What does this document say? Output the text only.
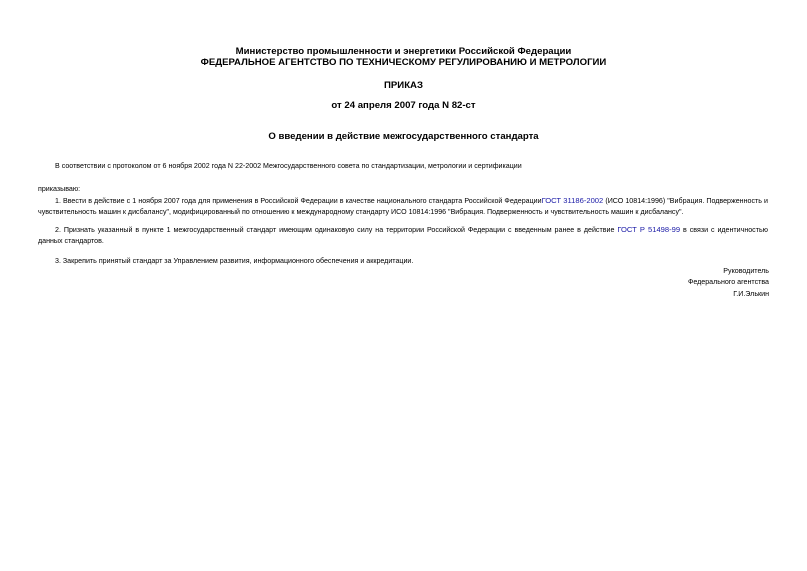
Министерство промышленности и энергетики Российской Федерации
ФЕДЕРАЛЬНОЕ АГЕНТСТВО ПО ТЕХНИЧЕСКОМУ РЕГУЛИРОВАНИЮ И МЕТРОЛОГИИ
ПРИКАЗ
от 24 апреля 2007 года N 82-ст
О введении в действие межгосударственного стандарта
В соответствии с протоколом от 6 ноября 2002 года N 22-2002 Межгосударственного совета по стандартизации, метрологии и сертификации
приказываю:
1. Ввести в действие с 1 ноября 2007 года для применения в Российской Федерации в качестве национального стандарта Российской ФедерацииГОСТ 31186-2002 (ИСО 10814:1996) "Вибрация. Подверженность и чувствительность машин к дисбалансу", модифицированный по отношению к международному стандарту ИСО 10814:1996 "Вибрация. Подверженность и чувствительность машин к дисбалансу".
2. Признать указанный в пункте 1 межгосударственный стандарт имеющим одинаковую силу на территории Российской Федерации с введенным ранее в действие ГОСТ Р 51498-99 в связи с идентичностью данных стандартов.
3. Закрепить принятый стандарт за Управлением развития, информационного обеспечения и аккредитации.
Руководитель
Федерального агентства
Г.И.Элькин
